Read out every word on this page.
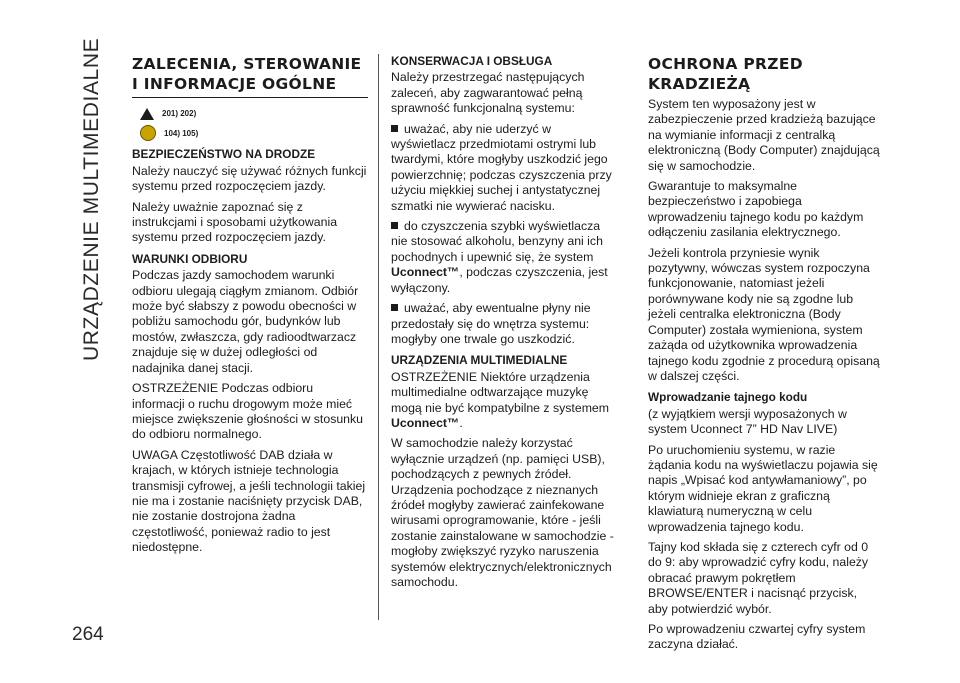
URZĄDZENIE MULTIMEDIALNE
264
ZALECENIA, STEROWANIE
I INFORMACJE OGÓLNE
201) 202)
104) 105)
BEZPIECZEŃSTWO NA DRODZE

Należy nauczyć się używać różnych funkcji systemu przed rozpoczęciem jazdy.

Należy uważnie zapoznać się z instrukcjami i sposobami użytkowania systemu przed rozpoczęciem jazdy.

WARUNKI ODBIORU

Podczas jazdy samochodem warunki odbioru ulegają ciągłym zmianom. Odbiór może być słabszy z powodu obecności w pobliżu samochodu gór, budynków lub mostów, zwłaszcza, gdy radioodtwarzacz znajduje się w dużej odległości od nadajnika danej stacji.

OSTRZEŻENIE Podczas odbioru informacji o ruchu drogowym może mieć miejsce zwiększenie głośności w stosunku do odbioru normalnego.

UWAGA Częstotliwość DAB działa w krajach, w których istnieje technologia transmisji cyfrowej, a jeśli technologii takiej nie ma i zostanie naciśnięty przycisk DAB, nie zostanie dostrojona żadna częstotliwość, ponieważ radio to jest niedostępne.

KONSERWACJA I OBSŁUGA

Należy przestrzegać następujących zaleceń, aby zagwarantować pełną sprawność funkcjonalną systemu:

uważać, aby nie uderzyć w wyświetlacz przedmiotami ostrymi lub twardymi, które mogłyby uszkodzić jego powierzchnię; podczas czyszczenia przy użyciu miękkiej suchej i antystatycznej szmatki nie wywierać nacisku.

do czyszczenia szybki wyświetlacza nie stosować alkoholu, benzyny ani ich pochodnych i upewnić się, że system Uconnect™, podczas czyszczenia, jest wyłączony.

uważać, aby ewentualne płyny nie przedostały się do wnętrza systemu: mogłyby one trwale go uszkodzić.

URZĄDZENIA MULTIMEDIALNE

OSTRZEŻENIE Niektóre urządzenia multimedialne odtwarzające muzykę mogą nie być kompatybilne z systemem Uconnect™.

W samochodzie należy korzystać wyłącznie urządzeń (np. pamięci USB), pochodzących z pewnych źródeł. Urządzenia pochodzące z nieznanych źródeł mogłyby zawierać zainfekowane wirusami oprogramowanie, które - jeśli zostanie zainstalowane w samochodzie - mogłoby zwiększyć ryzyko naruszenia systemów elektrycznych/elektronicznych samochodu.

OCHRONA PRZED KRADZIEŻĄ

System ten wyposażony jest w zabezpieczenie przed kradzieżą bazujące na wymianie informacji z centralką elektroniczną (Body Computer) znajdującą się w samochodzie.

Gwarantuje to maksymalne bezpieczeństwo i zapobiega wprowadzeniu tajnego kodu po każdym odłączeniu zasilania elektrycznego.

Jeżeli kontrola przyniesie wynik pozytywny, wówczas system rozpoczyna funkcjonowanie, natomiast jeżeli porównywane kody nie są zgodne lub jeżeli centralka elektroniczna (Body Computer) została wymieniona, system zażąda od użytkownika wprowadzenia tajnego kodu zgodnie z procedurą opisaną w dalszej części.

Wprowadzanie tajnego kodu

(z wyjątkiem wersji wyposażonych w system Uconnect 7” HD Nav LIVE)

Po uruchomieniu systemu, w razie żądania kodu na wyświetlaczu pojawia się napis „Wpisać kod antywłamaniowy”, po którym widnieje ekran z graficzną klawiaturą numeryczną w celu wprowadzenia tajnego kodu.

Tajny kod składa się z czterech cyfr od 0 do 9: aby wprowadzić cyfry kodu, należy obracać prawym pokrętłem BROWSE/ENTER i nacisnąć przycisk, aby potwierdzić wybór.

Po wprowadzeniu czwartej cyfry system zaczyna działać.
